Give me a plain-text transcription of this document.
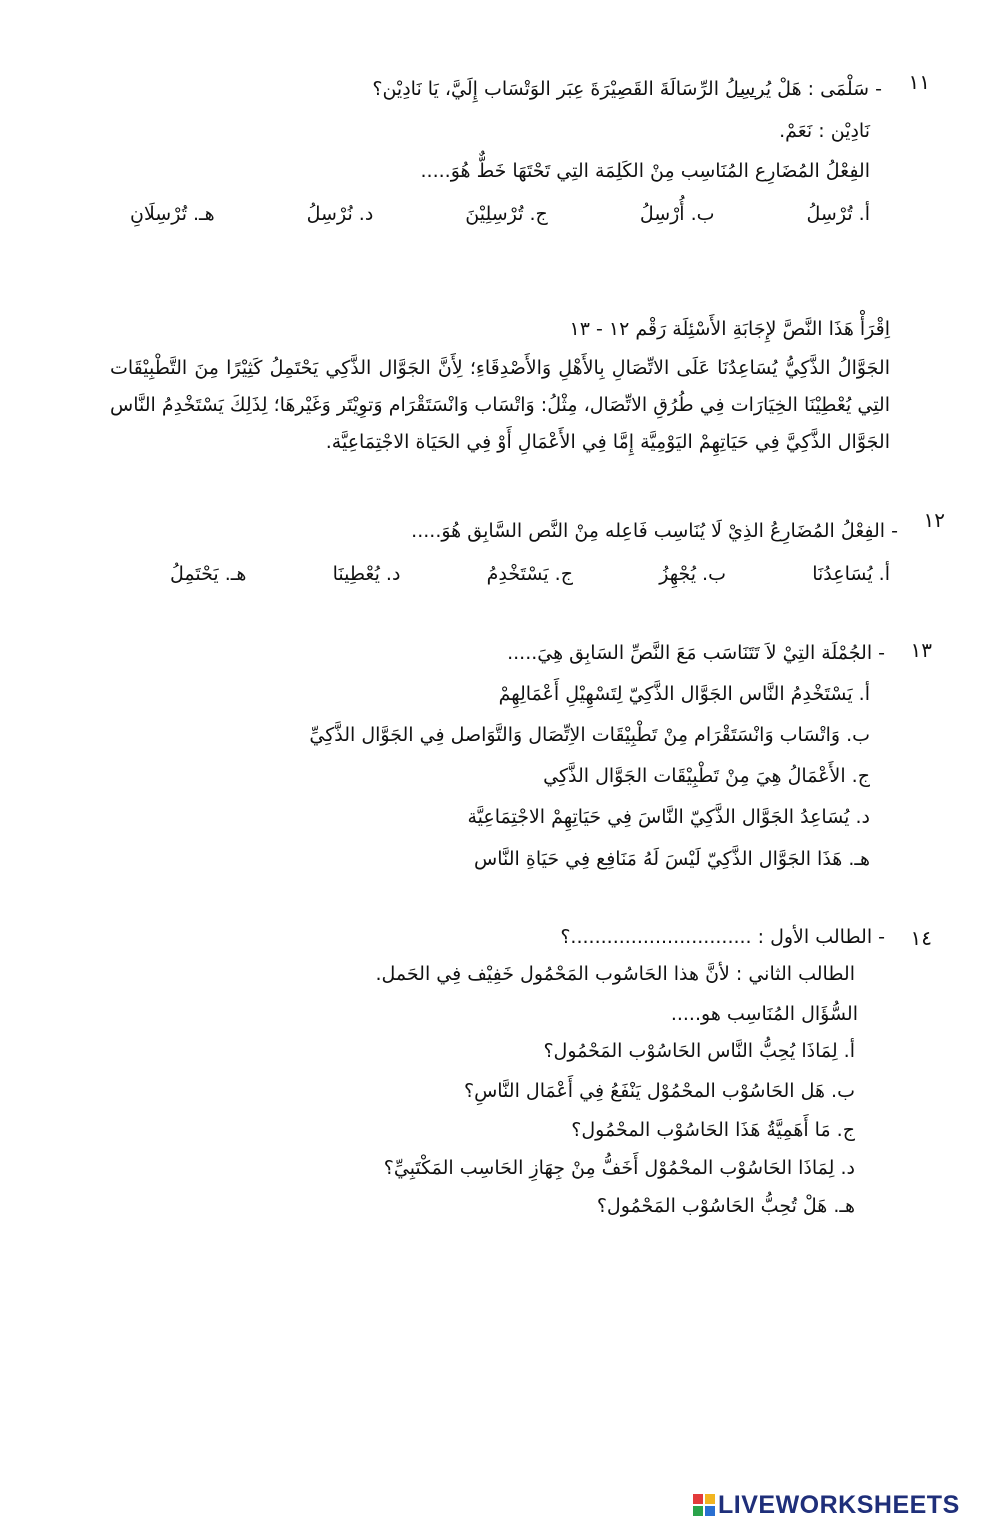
١١
- سَلْمَى : هَلْ يُرسِلُ الرِّسَالَةَ القَصِيْرَةَ عِبَر الوَتْسَاب إِلَيَّ، يَا نَادِيْن؟
نَادِيْن : نَعَمْ.
الفِعْلُ المُضَارِع المُنَاسِب مِنْ الكَلِمَة التِي تَحْتَهَا خَطٌّ هُوَ.....
أ. تُرْسِلُ
ب. أُرْسِلُ
ج. تُرْسِلِيْنَ
د. نُرْسِلُ
هـ. تُرْسِلَانِ
اِقْرَأْ هَذَا النَّصَّ لإِجَابَةِ الأَسْئِلَة رَقْم ١٢ - ١٣
الجَوَّالُ الذَّكِيُّ يُسَاعِدُنَا عَلَى الاتِّصَالِ بِالأَهْلِ وَالأَصْدِقَاءِ؛ لِأَنَّ الجَوَّال الذَّكِي يَحْتَمِلُ كَثِيْرًا مِنَ التَّطْبِيْقَات التِي يُعْطِيْنَا الخِيَارَات فِي طُرُقِ الاتِّصَال، مِثْلُ: وَاتْسَاب وَانْسَتَقْرَام وَتوِيْتَر وَغَيْرهَا؛ لِذَلِكَ يَسْتَخْدِمُ النَّاس الجَوَّال الذَّكِيَّ فِي حَيَاتِهِمْ اليَوْمِيَّة إِمَّا فِي الأَعْمَالِ أَوْ فِي الحَيَاة الاجْتِمَاعِيَّة.
١٢
- الفِعْلُ المُضَارِعُ الذِيْ لَا يُنَاسِب فَاعِله مِنْ النَّص السَّابِق هُوَ.....
أ. يُسَاعِدُنَا
ب. يُجْهِزُ
ج. يَسْتَخْدِمُ
د. يُعْطِينَا
هـ. يَحْتَمِلُ
١٣
- الجُمْلَة التِيْ لاَ تَتَنَاسَب مَعَ النَّصِّ السَابِق هِيَ.....
أ. يَسْتَخْدِمُ النَّاس الجَوَّال الذَّكِيّ لِتَسْهِيْلِ أَعْمَالِهِمْ
ب. وَاتْسَاب وَانْسَتَقْرَام مِنْ تَطْبِيْقَات الاِتِّصَال وَالتَّوَاصل فِي الجَوَّال الذَّكِيِّ
ج. الأَعْمَالُ هِيَ مِنْ تَطْبِيْقَات الجَوَّال الذَّكِي
د. يُسَاعِدُ الجَوَّال الذَّكِيّ النَّاسَ فِي حَيَاتِهِمْ الاجْتِمَاعِيَّة
هـ. هَذَا الجَوَّال الذَّكِيّ لَيْسَ لَهُ مَنَافِع فِي حَيَاةِ النَّاس
١٤
- الطالب الأول : ..............................؟
الطالب الثاني : لأنَّ هذا الحَاسُوب المَحْمُول خَفِيْف فِي الحَمل.
السُّؤَال المُنَاسِب هو.....
أ. لِمَاذَا يُحِبُّ النَّاس الحَاسُوْب المَحْمُول؟
ب. هَل الحَاسُوْب المحْمُوْل يَنْفَعُ فِي أَعْمَال النَّاسِ؟
ج. مَا أَهَمِيَّةُ هَذَا الحَاسُوْب المحْمُول؟
د. لِمَاذَا الحَاسُوْب المحْمُوْل أَخَفُّ مِنْ جِهَازِ الحَاسِب المَكْتَبِيِّ؟
هـ. هَلْ تُحِبُّ الحَاسُوْب المَحْمُول؟
LIVEWORKSHEETS
